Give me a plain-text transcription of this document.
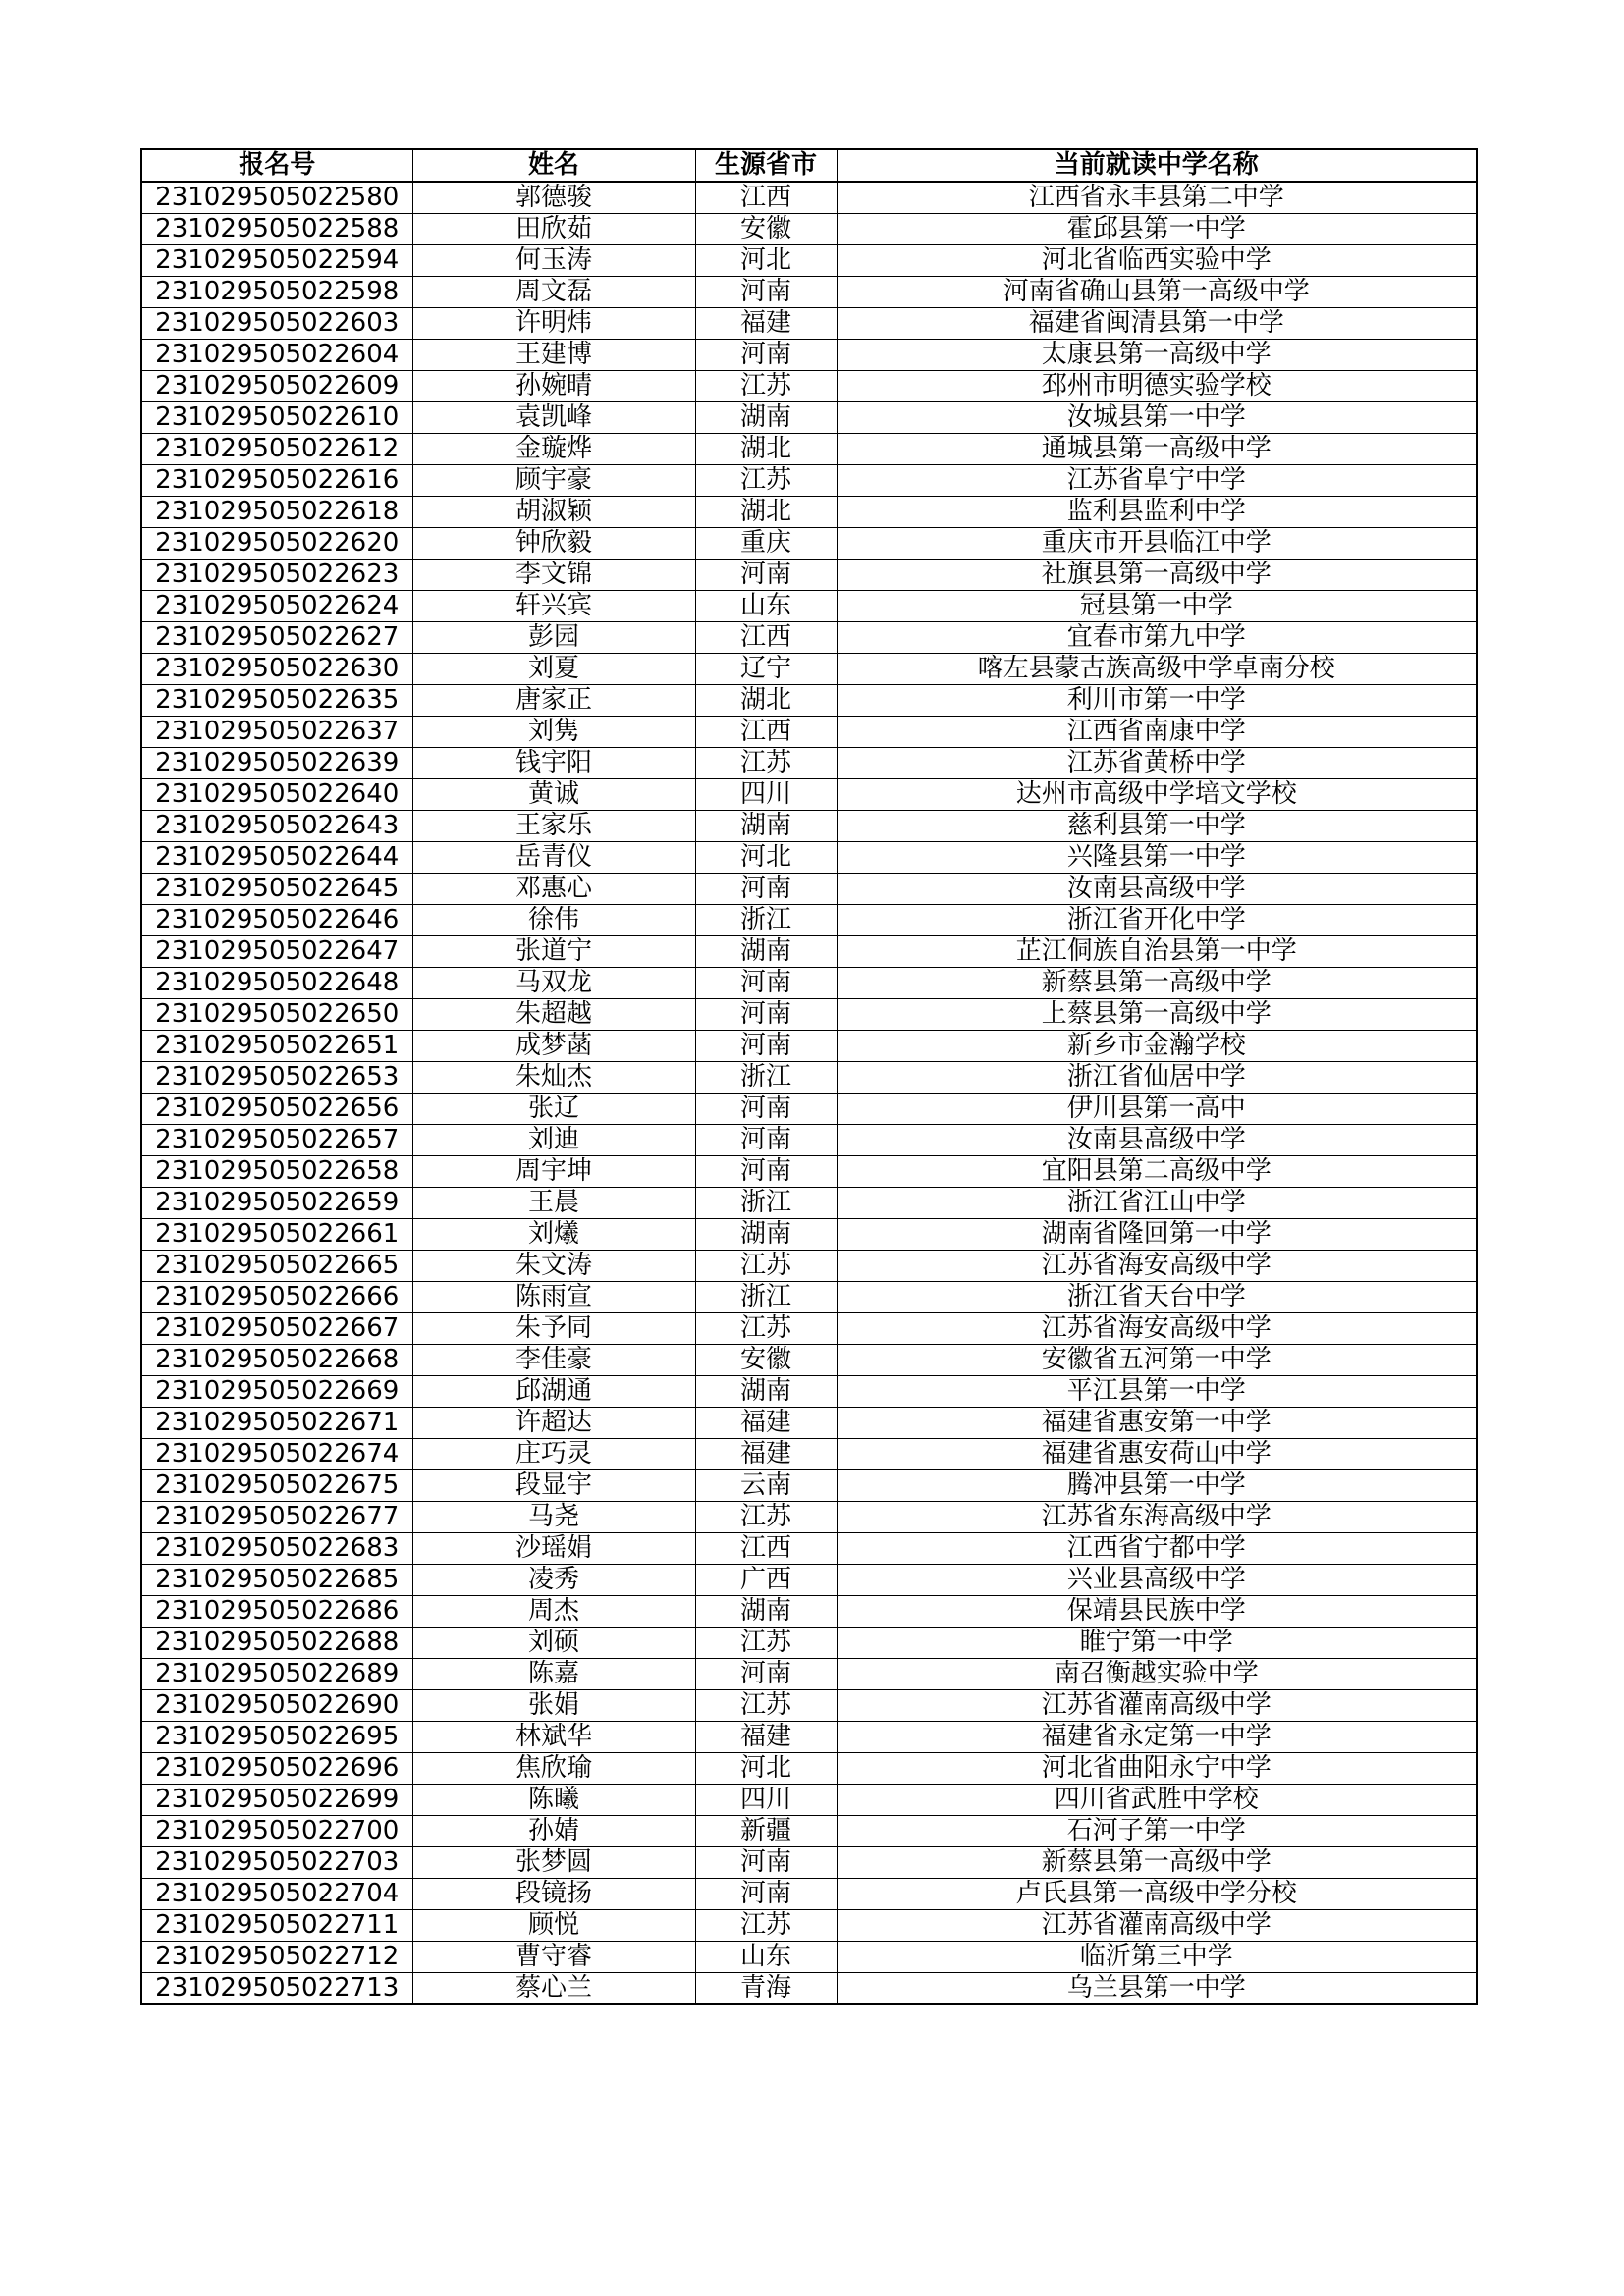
报名号	姓名	生源省市	当前就读中学名称
231029505022580	郭德骏	江西	江西省永丰县第二中学
231029505022588	田欣茹	安徽	霍邱县第一中学
231029505022594	何玉涛	河北	河北省临西实验中学
231029505022598	周文磊	河南	河南省确山县第一高级中学
231029505022603	许明炜	福建	福建省闽清县第一中学
231029505022604	王建博	河南	太康县第一高级中学
231029505022609	孙婉晴	江苏	邳州市明德实验学校
231029505022610	袁凯峰	湖南	汝城县第一中学
231029505022612	金璇烨	湖北	通城县第一高级中学
231029505022616	顾宇豪	江苏	江苏省阜宁中学
231029505022618	胡淑颖	湖北	监利县监利中学
231029505022620	钟欣毅	重庆	重庆市开县临江中学
231029505022623	李文锦	河南	社旗县第一高级中学
231029505022624	轩兴宾	山东	冠县第一中学
231029505022627	彭园	江西	宜春市第九中学
231029505022630	刘夏	辽宁	喀左县蒙古族高级中学卓南分校
231029505022635	唐家正	湖北	利川市第一中学
231029505022637	刘隽	江西	江西省南康中学
231029505022639	钱宇阳	江苏	江苏省黄桥中学
231029505022640	黄诚	四川	达州市高级中学培文学校
231029505022643	王家乐	湖南	慈利县第一中学
231029505022644	岳青仪	河北	兴隆县第一中学
231029505022645	邓惠心	河南	汝南县高级中学
231029505022646	徐伟	浙江	浙江省开化中学
231029505022647	张道宁	湖南	芷江侗族自治县第一中学
231029505022648	马双龙	河南	新蔡县第一高级中学
231029505022650	朱超越	河南	上蔡县第一高级中学
231029505022651	成梦菡	河南	新乡市金瀚学校
231029505022653	朱灿杰	浙江	浙江省仙居中学
231029505022656	张辽	河南	伊川县第一高中
231029505022657	刘迪	河南	汝南县高级中学
231029505022658	周宇坤	河南	宜阳县第二高级中学
231029505022659	王晨	浙江	浙江省江山中学
231029505022661	刘爔	湖南	湖南省隆回第一中学
231029505022665	朱文涛	江苏	江苏省海安高级中学
231029505022666	陈雨宣	浙江	浙江省天台中学
231029505022667	朱予同	江苏	江苏省海安高级中学
231029505022668	李佳豪	安徽	安徽省五河第一中学
231029505022669	邱湖通	湖南	平江县第一中学
231029505022671	许超达	福建	福建省惠安第一中学
231029505022674	庄巧灵	福建	福建省惠安荷山中学
231029505022675	段显宇	云南	腾冲县第一中学
231029505022677	马尧	江苏	江苏省东海高级中学
231029505022683	沙瑶娟	江西	江西省宁都中学
231029505022685	凌秀	广西	兴业县高级中学
231029505022686	周杰	湖南	保靖县民族中学
231029505022688	刘硕	江苏	睢宁第一中学
231029505022689	陈嘉	河南	南召衡越实验中学
231029505022690	张娟	江苏	江苏省灌南高级中学
231029505022695	林斌华	福建	福建省永定第一中学
231029505022696	焦欣瑜	河北	河北省曲阳永宁中学
231029505022699	陈曦	四川	四川省武胜中学校
231029505022700	孙婧	新疆	石河子第一中学
231029505022703	张梦圆	河南	新蔡县第一高级中学
231029505022704	段镜扬	河南	卢氏县第一高级中学分校
231029505022711	顾悦	江苏	江苏省灌南高级中学
231029505022712	曹守睿	山东	临沂第三中学
231029505022713	蔡心兰	青海	乌兰县第一中学
